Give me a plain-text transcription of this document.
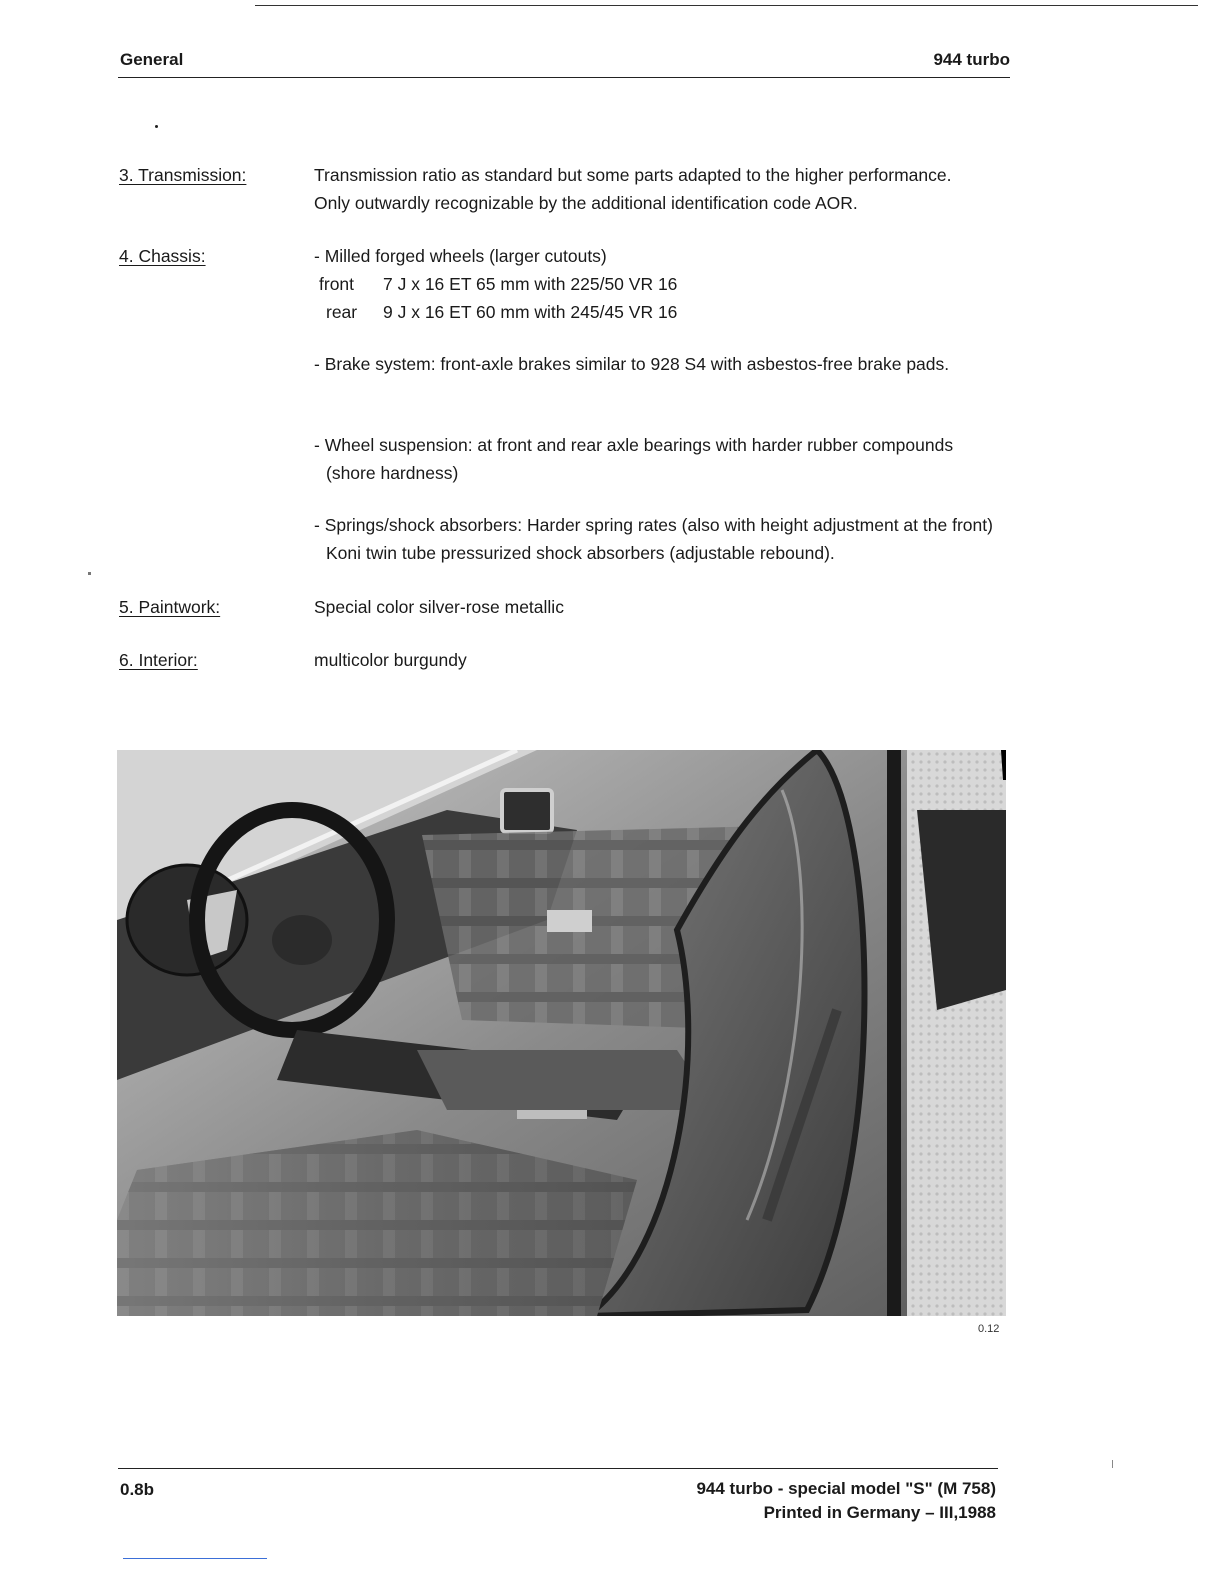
General	944 turbo
3. Transmission:	Transmission ratio as standard but some parts adapted to the higher performance.
Only outwardly recognizable by the additional identification code AOR.
4. Chassis:	- Milled forged wheels (larger cutouts)
front	7 J x 16 ET 65 mm with 225/50 VR 16
rear	9 J x 16 ET 60 mm with 245/45 VR 16
- Brake system: front-axle brakes similar to 928 S4 with asbestos-free brake pads.
- Wheel suspension: at front and rear axle bearings with harder rubber compounds
(shore hardness)
- Springs/shock absorbers: Harder spring rates (also with height adjustment at the front)
Koni twin tube pressurized shock absorbers (adjustable rebound).
5. Paintwork:	Special color silver-rose metallic
6. Interior:	multicolor burgundy
0.12
0.8b	944 turbo - special model "S" (M 758)
Printed in Germany – III,1988
